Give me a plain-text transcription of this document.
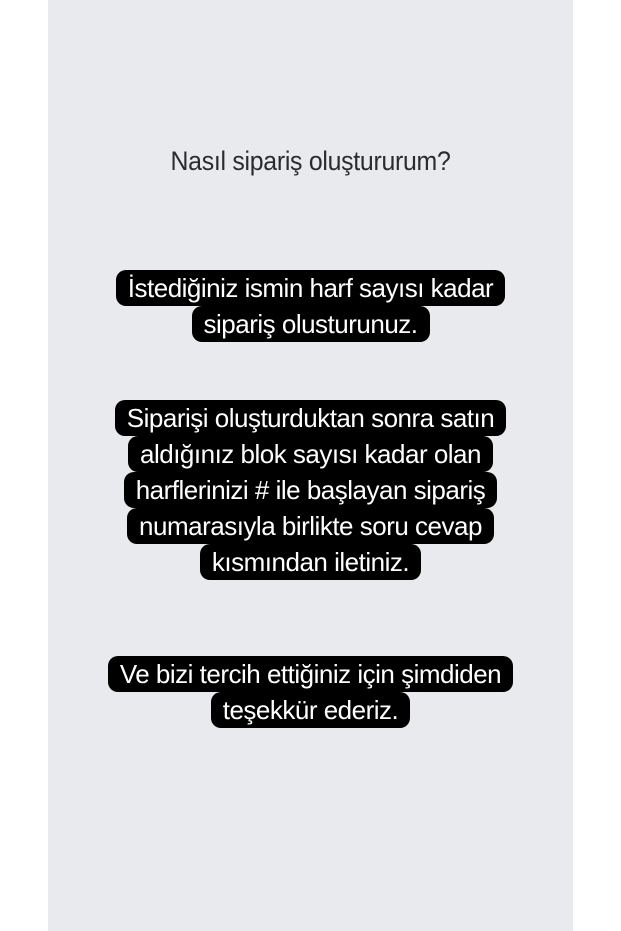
Nasıl sipariş oluştururum?
İstediğiniz ismin harf sayısı kadar
sipariş olusturunuz.
Siparişi oluşturduktan sonra satın
aldığınız blok sayısı kadar olan
harflerinizi # ile başlayan sipariş
numarasıyla birlikte soru cevap
kısmından iletiniz.
Ve bizi tercih ettiğiniz için şimdiden
teşekkür ederiz.
